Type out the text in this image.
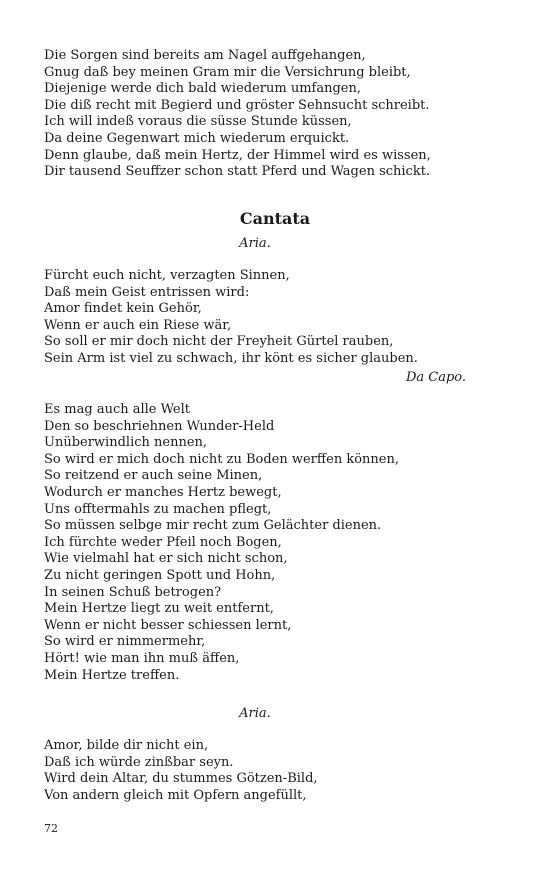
Die Sorgen sind bereits am Nagel auffgehangen,
Gnug daß bey meinen Gram mir die Versichrung bleibt,
Diejenige werde dich bald wiederum umfangen,
Die diß recht mit Begierd und gröster Sehnsucht schreibt.
Ich will indeß voraus die süsse Stunde küssen,
Da deine Gegenwart mich wiederum erquickt.
Denn glaube, daß mein Hertz, der Himmel wird es wissen,
Dir tausend Seuffzer schon statt Pferd und Wagen schickt.
Cantata
Aria.
Fürcht euch nicht, verzagten Sinnen,
Daß mein Geist entrissen wird:
Amor findet kein Gehör,
Wenn er auch ein Riese wär,
So soll er mir doch nicht der Freyheit Gürtel rauben,
Sein Arm ist viel zu schwach, ihr könt es sicher glauben.
Da Capo.
Es mag auch alle Welt
Den so beschriehnen Wunder-Held
Unüberwindlich nennen,
So wird er mich doch nicht zu Boden werffen können,
So reitzend er auch seine Minen,
Wodurch er manches Hertz bewegt,
Uns offtermahls zu machen pflegt,
So müssen selbge mir recht zum Gelächter dienen.
Ich fürchte weder Pfeil noch Bogen,
Wie vielmahl hat er sich nicht schon,
Zu nicht geringen Spott und Hohn,
In seinen Schuß betrogen?
Mein Hertze liegt zu weit entfernt,
Wenn er nicht besser schiessen lernt,
So wird er nimmermehr,
Hört! wie man ihn muß äffen,
Mein Hertze treffen.
Aria.
Amor, bilde dir nicht ein,
Daß ich würde zinßbar seyn.
Wird dein Altar, du stummes Götzen-Bild,
Von andern gleich mit Opfern angefüllt,
72
